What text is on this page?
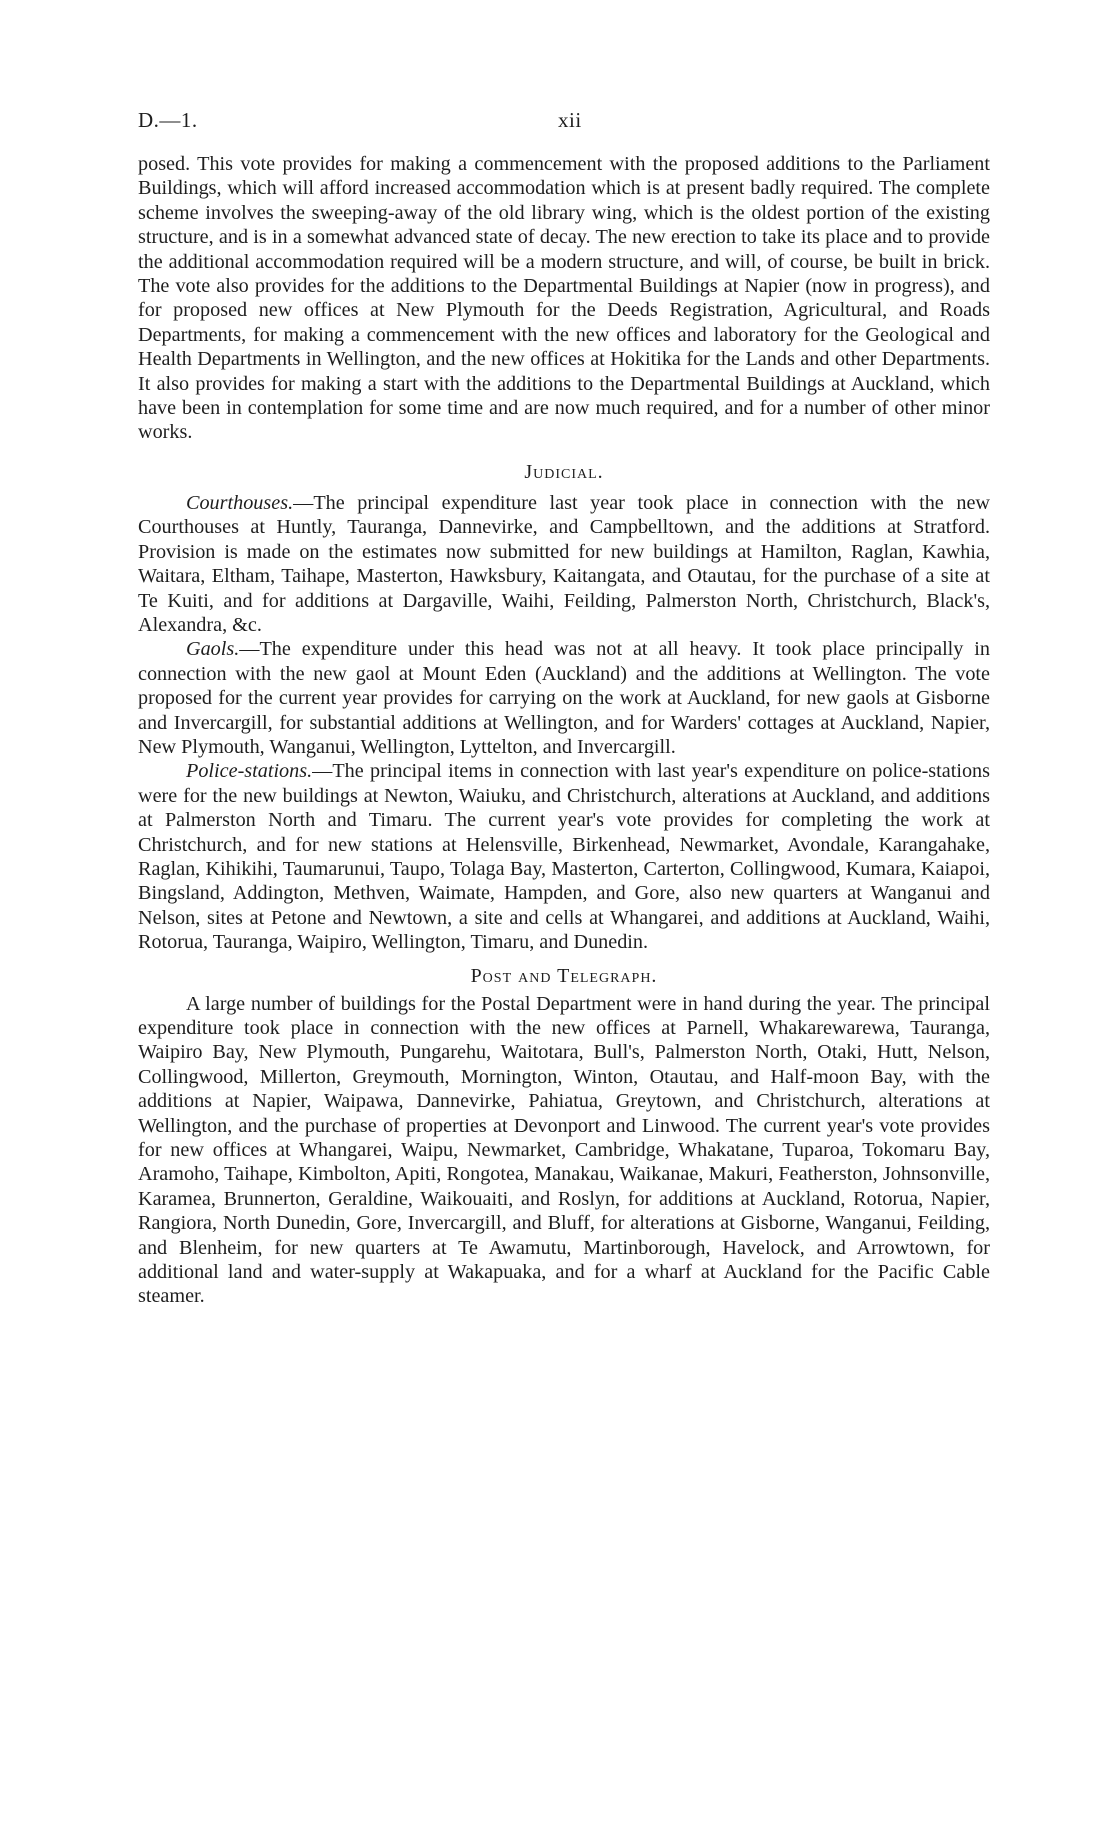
D.—1.	xii

posed. This vote provides for making a commencement with the proposed additions to the Parliament Buildings, which will afford increased accommodation which is at present badly required. The complete scheme involves the sweeping-away of the old library wing, which is the oldest portion of the existing structure, and is in a somewhat advanced state of decay. The new erection to take its place and to provide the additional accommodation required will be a modern structure, and will, of course, be built in brick. The vote also provides for the additions to the Departmental Buildings at Napier (now in progress), and for proposed new offices at New Plymouth for the Deeds Registration, Agricultural, and Roads Departments, for making a commencement with the new offices and laboratory for the Geological and Health Departments in Wellington, and the new offices at Hokitika for the Lands and other Departments. It also provides for making a start with the additions to the Departmental Buildings at Auckland, which have been in contemplation for some time and are now much required, and for a number of other minor works.

Judicial.

Courthouses.—The principal expenditure last year took place in connection with the new Courthouses at Huntly, Tauranga, Dannevirke, and Campbelltown, and the additions at Stratford. Provision is made on the estimates now submitted for new buildings at Hamilton, Raglan, Kawhia, Waitara, Eltham, Taihape, Masterton, Hawksbury, Kaitangata, and Otautau, for the purchase of a site at Te Kuiti, and for additions at Dargaville, Waihi, Feilding, Palmerston North, Christchurch, Black's, Alexandra, &c.

Gaols.—The expenditure under this head was not at all heavy. It took place principally in connection with the new gaol at Mount Eden (Auckland) and the additions at Wellington. The vote proposed for the current year provides for carrying on the work at Auckland, for new gaols at Gisborne and Invercargill, for substantial additions at Wellington, and for Warders' cottages at Auckland, Napier, New Plymouth, Wanganui, Wellington, Lyttelton, and Invercargill.

Police-stations.—The principal items in connection with last year's expenditure on police-stations were for the new buildings at Newton, Waiuku, and Christchurch, alterations at Auckland, and additions at Palmerston North and Timaru. The current year's vote provides for completing the work at Christchurch, and for new stations at Helensville, Birkenhead, Newmarket, Avondale, Karangahake, Raglan, Kihikihi, Taumarunui, Taupo, Tolaga Bay, Masterton, Carterton, Collingwood, Kumara, Kaiapoi, Bingsland, Addington, Methven, Waimate, Hampden, and Gore, also new quarters at Wanganui and Nelson, sites at Petone and Newtown, a site and cells at Whangarei, and additions at Auckland, Waihi, Rotorua, Tauranga, Waipiro, Wellington, Timaru, and Dunedin.

Post and Telegraph.

A large number of buildings for the Postal Department were in hand during the year. The principal expenditure took place in connection with the new offices at Parnell, Whakarewarewa, Tauranga, Waipiro Bay, New Plymouth, Pungarehu, Waitotara, Bull's, Palmerston North, Otaki, Hutt, Nelson, Collingwood, Millerton, Greymouth, Mornington, Winton, Otautau, and Half-moon Bay, with the additions at Napier, Waipawa, Dannevirke, Pahiatua, Greytown, and Christchurch, alterations at Wellington, and the purchase of properties at Devonport and Linwood. The current year's vote provides for new offices at Whangarei, Waipu, Newmarket, Cambridge, Whakatane, Tuparoa, Tokomaru Bay, Aramoho, Taihape, Kimbolton, Apiti, Rongotea, Manakau, Waikanae, Makuri, Featherston, Johnsonville, Karamea, Brunnerton, Geraldine, Waikouaiti, and Roslyn, for additions at Auckland, Rotorua, Napier, Rangiora, North Dunedin, Gore, Invercargill, and Bluff, for alterations at Gisborne, Wanganui, Feilding, and Blenheim, for new quarters at Te Awamutu, Martinborough, Havelock, and Arrowtown, for additional land and water-supply at Wakapuaka, and for a wharf at Auckland for the Pacific Cable steamer.
